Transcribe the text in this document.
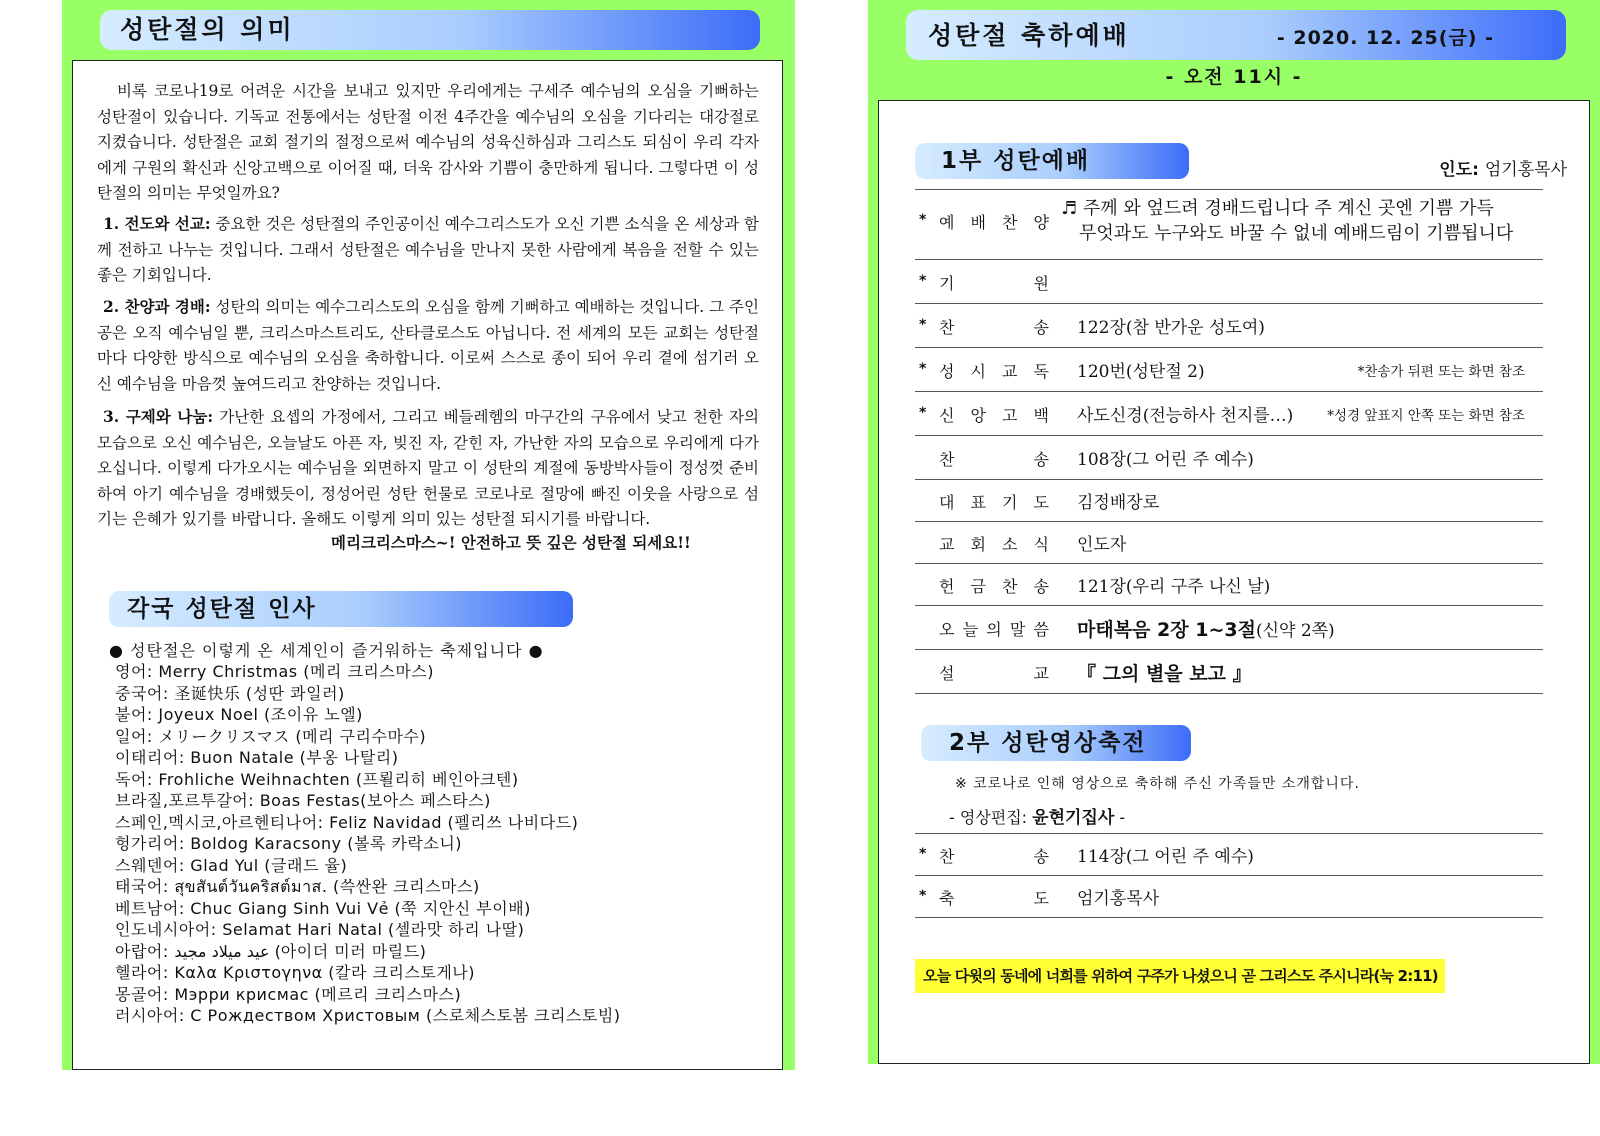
성탄절의 의미
비록 코로나19로 어려운 시간을 보내고 있지만 우리에게는 구세주 예수님의 오심을 기뻐하는 성탄절이 있습니다. 기독교 전통에서는 성탄절 이전 4주간을 예수님의 오심을 기다리는 대강절로 지켰습니다. 성탄절은 교회 절기의 절정으로써 예수님의 성육신하심과 그리스도 되심이 우리 각자에게 구원의 확신과 신앙고백으로 이어질 때, 더욱 감사와 기쁨이 충만하게 됩니다. 그렇다면 이 성탄절의 의미는 무엇일까요?
1. 전도와 선교: 중요한 것은 성탄절의 주인공이신 예수그리스도가 오신 기쁜 소식을 온 세상과 함께 전하고 나누는 것입니다. 그래서 성탄절은 예수님을 만나지 못한 사람에게 복음을 전할 수 있는 좋은 기회입니다.
2. 찬양과 경배: 성탄의 의미는 예수그리스도의 오심을 함께 기뻐하고 예배하는 것입니다. 그 주인공은 오직 예수님일 뿐, 크리스마스트리도, 산타클로스도 아닙니다. 전 세계의 모든 교회는 성탄절마다 다양한 방식으로 예수님의 오심을 축하합니다. 이로써 스스로 종이 되어 우리 곁에 섬기러 오신 예수님을 마음껏 높여드리고 찬양하는 것입니다.
3. 구제와 나눔: 가난한 요셉의 가정에서, 그리고 베들레헴의 마구간의 구유에서 낮고 천한 자의 모습으로 오신 예수님은, 오늘날도 아픈 자, 빚진 자, 갇힌 자, 가난한 자의 모습으로 우리에게 다가오십니다. 이렇게 다가오시는 예수님을 외면하지 말고 이 성탄의 계절에 동방박사들이 정성껏 준비하여 아기 예수님을 경배했듯이, 정성어린 성탄 헌물로 코로나로 절망에 빠진 이웃을 사랑으로 섬기는 은혜가 있기를 바랍니다. 올해도 이렇게 의미 있는 성탄절 되시기를 바랍니다.
메리크리스마스~! 안전하고 뜻 깊은 성탄절 되세요!!
각국 성탄절 인사
● 성탄절은 이렇게 온 세계인이 즐거워하는 축제입니다 ●
영어: Merry Christmas (메리 크리스마스)
중국어: 圣诞快乐 (성딴 콰일러)
불어: Joyeux Noel (조이유 노엘)
일어: メリークリスマス (메리 구리수마수)
이태리어: Buon Natale (부옹 나탈리)
독어: Frohliche Weihnachten (프뢸리히 베인아크텐)
브라질,포르투갈어: Boas Festas(보아스 페스타스)
스페인,멕시코,아르헨티나어: Feliz Navidad (펠리쓰 나비다드)
헝가리어: Boldog Karacsony (볼록 카락소니)
스웨덴어: Glad Yul (글래드 율)
태국어: สุขสันต์วันคริสต์มาส. (쓱싼완 크리스마스)
베트남어: Chuc Giang Sinh Vui Vẻ (쭉 지안신 부이배)
인도네시아어: Selamat Hari Natal (셀라맛 하리 나딸)
아랍어: عيد ميلاد مجيد (아이더 미러 마릴드)
헬라어: Καλα Κριστογηνα (칼라 크리스토게나)
몽골어: Мэрри крисмас (메르리 크리스마스)
러시아어: С Рождеством Христовым (스로체스토봄 크리스토빔)
성탄절 축하예배	- 2020. 12. 25(금) -
- 오전 11시 -
1부 성탄예배	인도: 엄기홍목사
* 예 배 찬 양
♬ 주께 와 엎드려 경배드립니다 주 계신 곳엔 기쁨 가득
무엇과도 누구와도 바꿀 수 없네 예배드림이 기쁨됩니다
* 기	원
* 찬	송 122장(참 반가운 성도여)
* 성 시 교 독 120번(성탄절 2)	*찬송가 뒤편 또는 화면 참조
* 신 앙 고 백 사도신경(전능하사 천지를…)	*성경 앞표지 안쪽 또는 화면 참조
찬	송 108장(그 어린 주 예수)
대 표 기 도 김정배장로
교 회 소 식 인도자
헌 금 찬 송 121장(우리 구주 나신 날)
오 늘 의 말 씀 마태복음 2장 1~3절(신약 2쪽)
설	교 『 그의 별을 보고 』
2부 성탄영상축전
※ 코로나로 인해 영상으로 축하해 주신 가족들만 소개합니다.
* 찬	송 114장(그 어린 주 예수)
* 축	도 엄기홍목사
- 영상편집: 윤현기집사 -
오늘 다윗의 동네에 너희를 위하여 구주가 나셨으니 곧 그리스도 주시니라(눅 2:11)
